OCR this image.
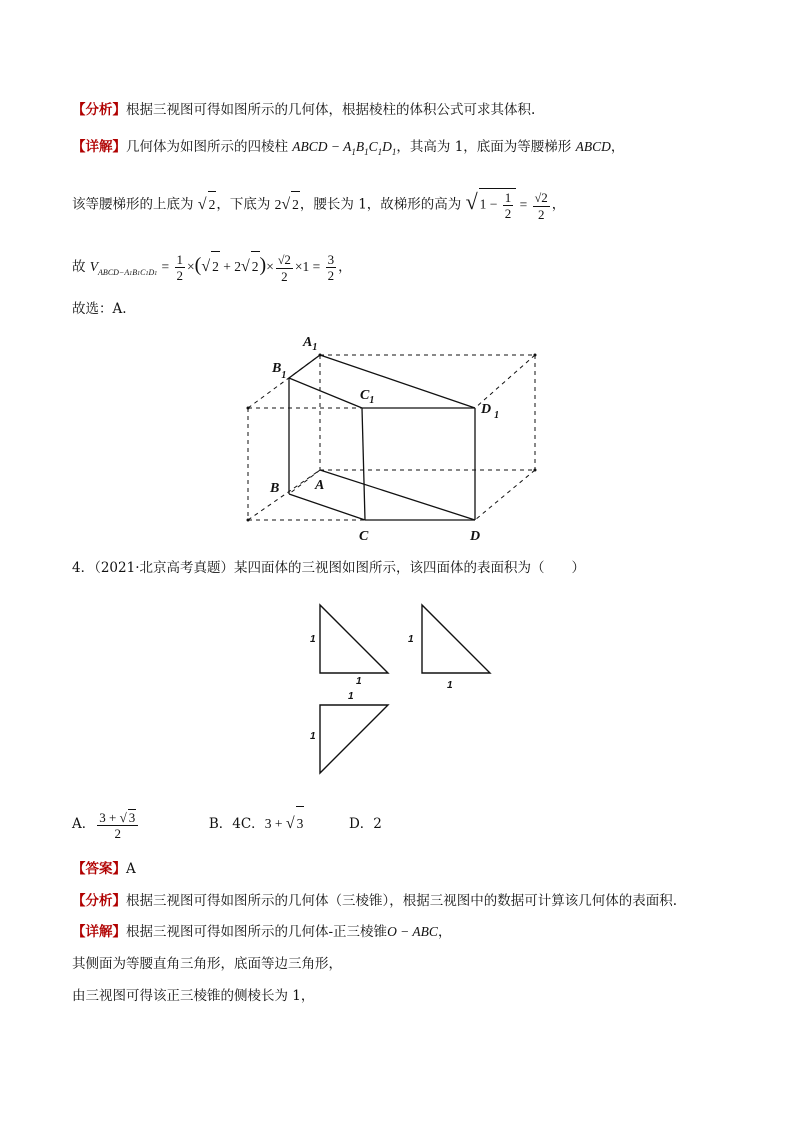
【分析】根据三视图可得如图所示的几何体，根据棱柱的体积公式可求其体积.
【详解】几何体为如图所示的四棱柱 ABCD − $A_1B_1C_1D_1$，其高为 1，底面为等腰梯形 ABCD，
该等腰梯形的上底为 √ 2，下底为 2√ 2，腰长为 1，故梯形的高为 √ $1 - \frac{1}{2} = \frac{√2}{2}$ ，
故 $V_{ABCD-A1B1C1D1} = \frac{1}{2}$ ×(√ 2 + 2√ $2)\times \frac{√2}{2} \times 1 = \frac{3}{2}$ ，
故选：A.
$A_1$
$B_1$
$C_1$
D $_1$
B	A
C	D
4．（2021·北京高考真题）某四面体的三视图如图所示，该四面体的表面积为（　　）
1
1
1
1
1
1
A． $\frac{3 + √ 3}{2}$	B．4C．3 + √ 3	D．2
【答案】A
【分析】根据三视图可得如图所示的几何体（三棱锥），根据三视图中的数据可计算该几何体的表面积.
【详解】根据三视图可得如图所示的几何体-正三棱锥O − ABC，
其侧面为等腰直角三角形，底面等边三角形，
由三视图可得该正三棱锥的侧棱长为 1，
